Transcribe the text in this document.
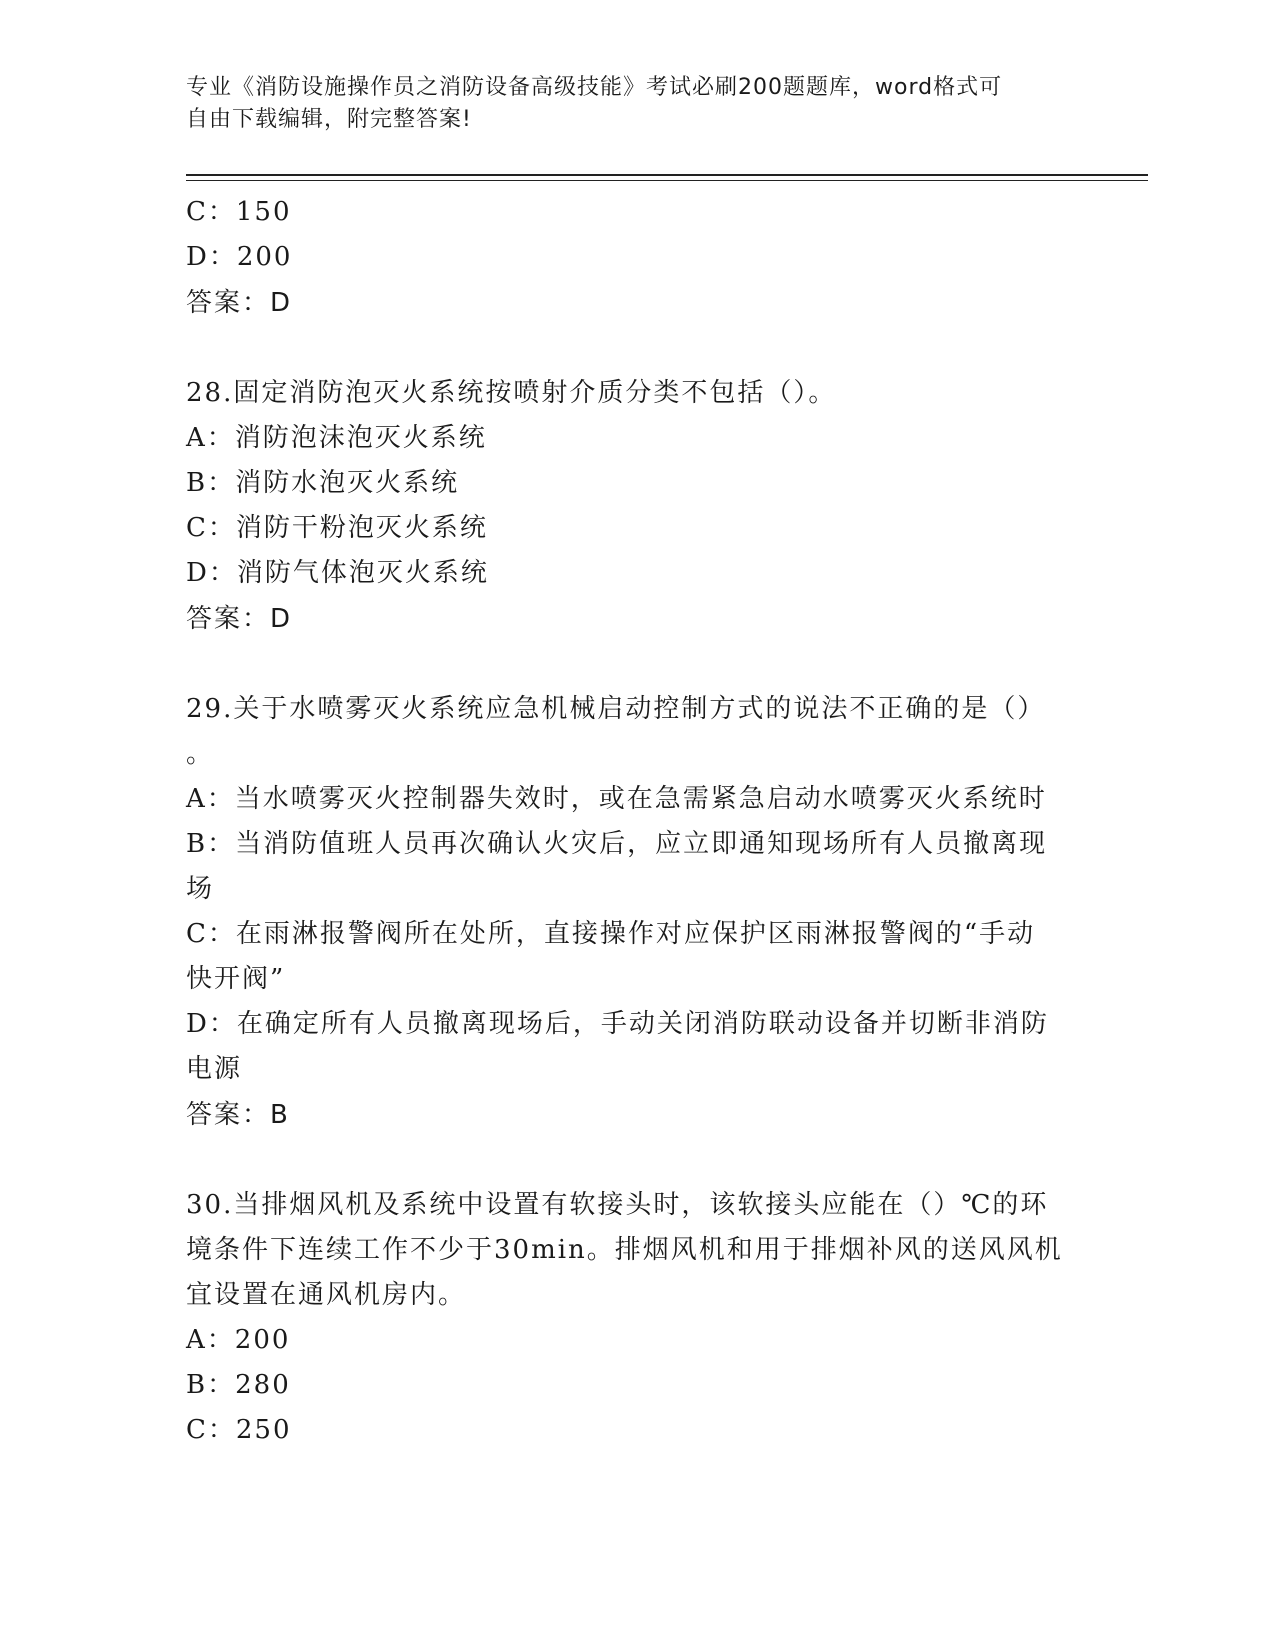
专业《消防设施操作员之消防设备高级技能》考试必刷200题题库，word格式可
自由下载编辑，附完整答案!
C：150
D：200
答案：D
28.固定消防泡灭火系统按喷射介质分类不包括（）。
A：消防泡沫泡灭火系统
B：消防水泡灭火系统
C：消防干粉泡灭火系统
D：消防气体泡灭火系统
答案：D
29.关于水喷雾灭火系统应急机械启动控制方式的说法不正确的是（）
。
A：当水喷雾灭火控制器失效时，或在急需紧急启动水喷雾灭火系统时
B：当消防值班人员再次确认火灾后，应立即通知现场所有人员撤离现
场
C：在雨淋报警阀所在处所，直接操作对应保护区雨淋报警阀的“手动
快开阀”
D：在确定所有人员撤离现场后，手动关闭消防联动设备并切断非消防
电源
答案：B
30.当排烟风机及系统中设置有软接头时，该软接头应能在（）℃的环
境条件下连续工作不少于30min。排烟风机和用于排烟补风的送风风机
宜设置在通风机房内。
A：200
B：280
C：250
